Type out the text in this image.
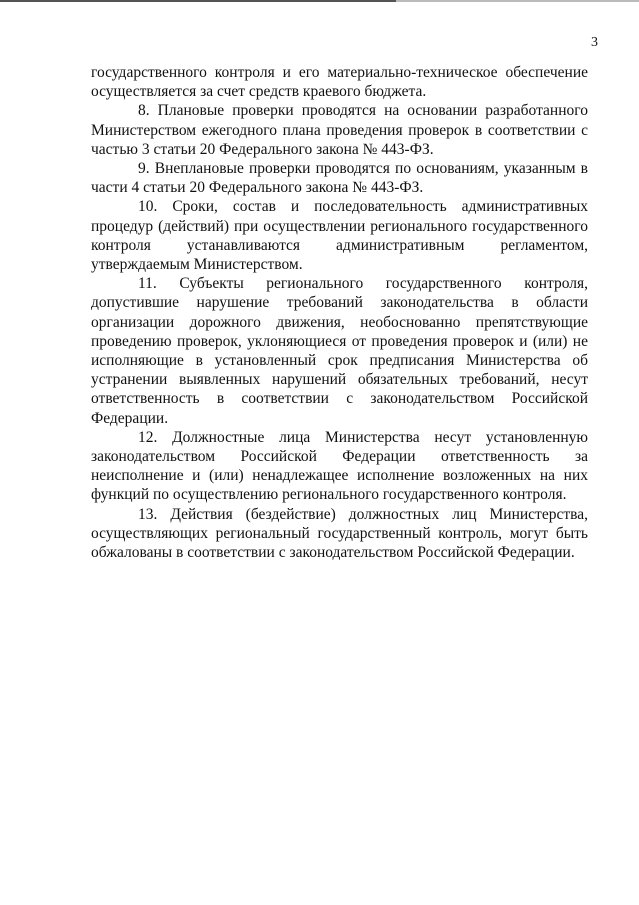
3

государственного контроля и его материально-техническое обеспечение осуществляется за счет средств краевого бюджета.

8. Плановые проверки проводятся на основании разработанного Министерством ежегодного плана проведения проверок в соответствии с частью 3 статьи 20 Федерального закона № 443-ФЗ.

9. Внеплановые проверки проводятся по основаниям, указанным в части 4 статьи 20 Федерального закона № 443-ФЗ.

10. Сроки, состав и последовательность административных процедур (действий) при осуществлении регионального государственного контроля устанавливаются административным регламентом, утверждаемым Министерством.

11. Субъекты регионального государственного контроля, допустившие нарушение требований законодательства в области организации дорожного движения, необоснованно препятствующие проведению проверок, уклоняющиеся от проведения проверок и (или) не исполняющие в установленный срок предписания Министерства об устранении выявленных нарушений обязательных требований, несут ответственность в соответствии с законодательством Российской Федерации.

12. Должностные лица Министерства несут установленную законодательством Российской Федерации ответственность за неисполнение и (или) ненадлежащее исполнение возложенных на них функций по осуществлению регионального государственного контроля.

13. Действия (бездействие) должностных лиц Министерства, осуществляющих региональный государственный контроль, могут быть обжалованы в соответствии с законодательством Российской Федерации.
